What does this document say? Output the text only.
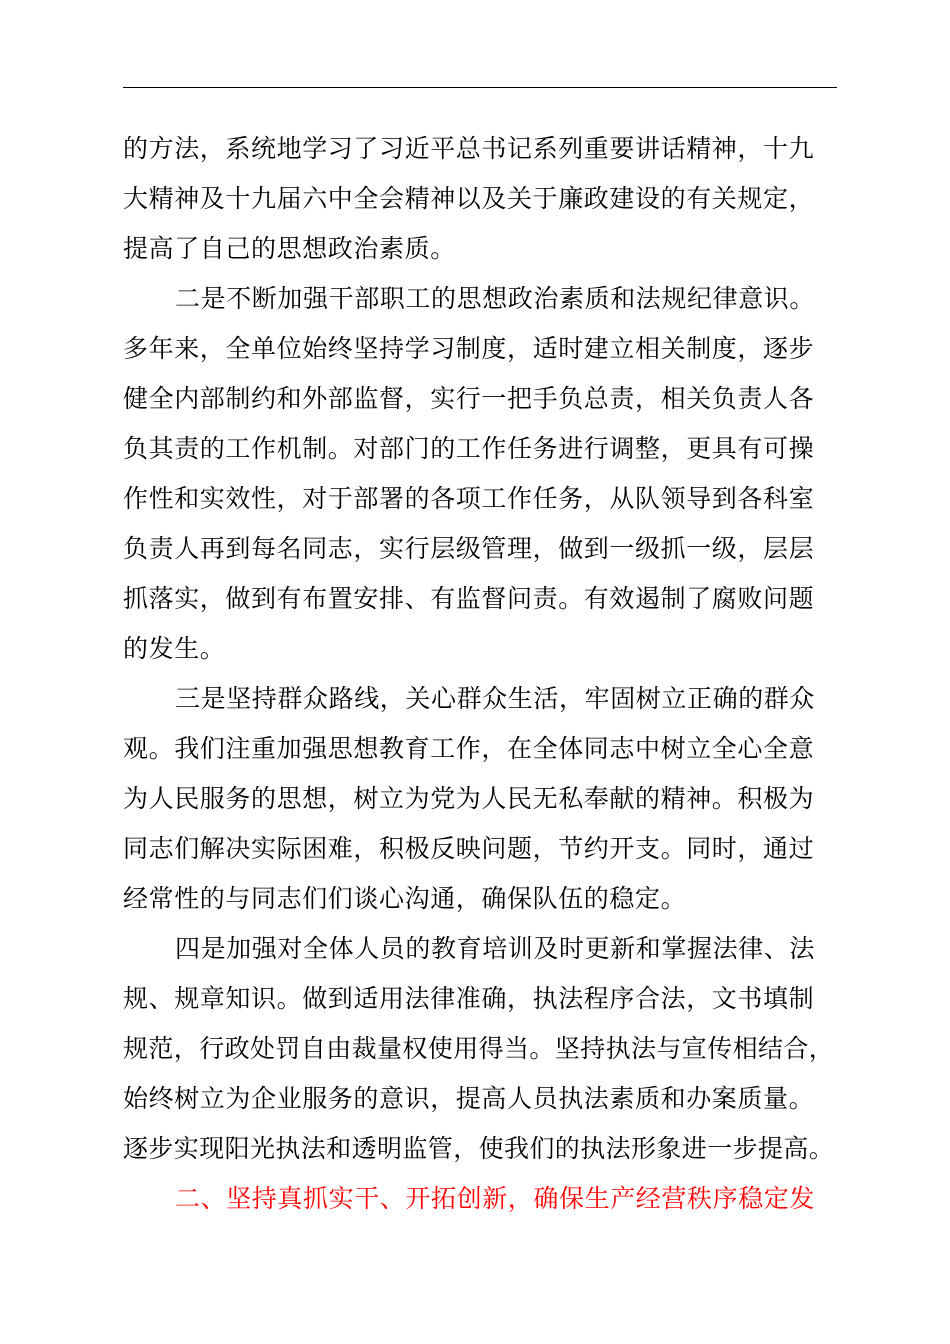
的方法，系统地学习了习近平总书记系列重要讲话精神，十九
大精神及十九届六中全会精神以及关于廉政建设的有关规定，
提高了自己的思想政治素质。
二是不断加强干部职工的思想政治素质和法规纪律意识。
多年来，全单位始终坚持学习制度，适时建立相关制度，逐步
健全内部制约和外部监督，实行一把手负总责，相关负责人各
负其责的工作机制。对部门的工作任务进行调整，更具有可操
作性和实效性，对于部署的各项工作任务，从队领导到各科室
负责人再到每名同志，实行层级管理，做到一级抓一级，层层
抓落实，做到有布置安排、有监督问责。有效遏制了腐败问题
的发生。
三是坚持群众路线，关心群众生活，牢固树立正确的群众
观。我们注重加强思想教育工作，在全体同志中树立全心全意
为人民服务的思想，树立为党为人民无私奉献的精神。积极为
同志们解决实际困难，积极反映问题，节约开支。同时，通过
经常性的与同志们们谈心沟通，确保队伍的稳定。
四是加强对全体人员的教育培训及时更新和掌握法律、法
规、规章知识。做到适用法律准确，执法程序合法，文书填制
规范，行政处罚自由裁量权使用得当。坚持执法与宣传相结合，
始终树立为企业服务的意识，提高人员执法素质和办案质量。
逐步实现阳光执法和透明监管，使我们的执法形象进一步提高。
二、坚持真抓实干、开拓创新，确保生产经营秩序稳定发
